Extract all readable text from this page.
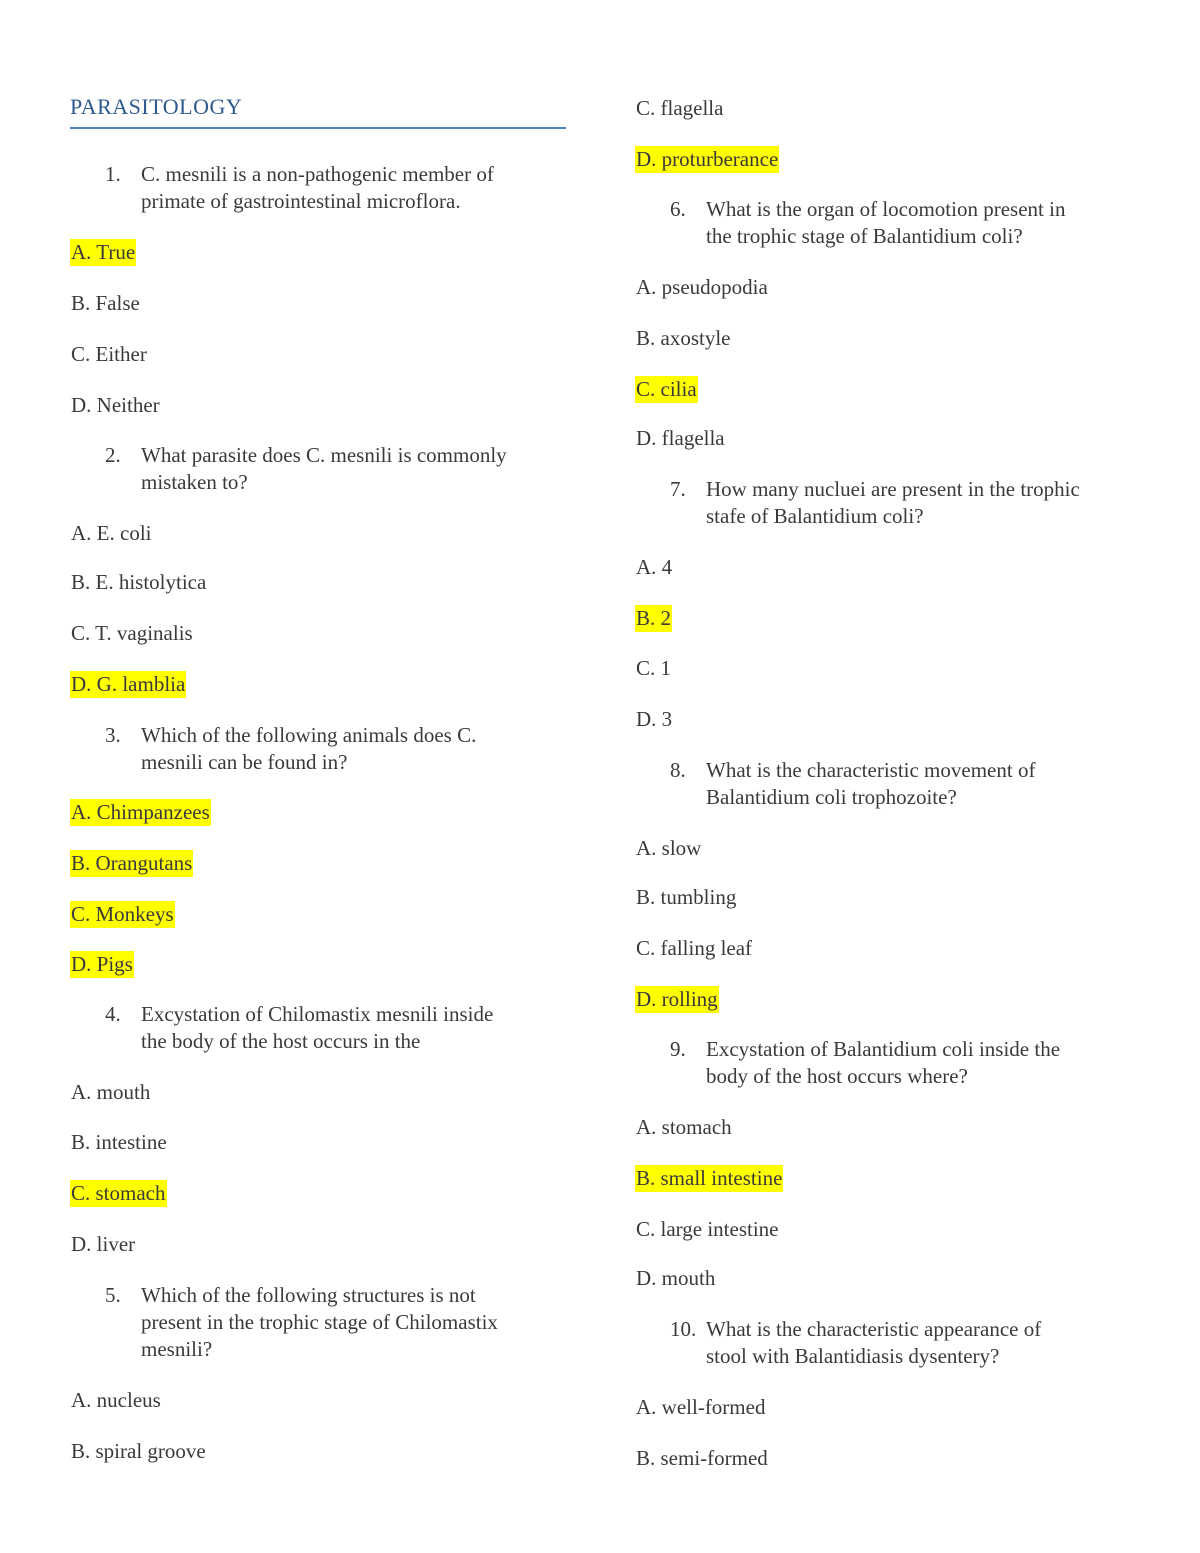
PARASITOLOGY
1. C. mesnili is a non-pathogenic member of
primate of gastrointestinal microflora.
A. True
B. False
C. Either
D. Neither
2. What parasite does C. mesnili is commonly
mistaken to?
A. E. coli
B. E. histolytica
C. T. vaginalis
D. G. lamblia
3. Which of the following animals does C.
mesnili can be found in?
A. Chimpanzees
B. Orangutans
C. Monkeys
D. Pigs
4. Excystation of Chilomastix mesnili inside
the body of the host occurs in the
A. mouth
B. intestine
C. stomach
D. liver
5. Which of the following structures is not
present in the trophic stage of Chilomastix
mesnili?
A. nucleus
B. spiral groove
C. flagella
D. proturberance
6. What is the organ of locomotion present in
the trophic stage of Balantidium coli?
A. pseudopodia
B. axostyle
C. cilia
D. flagella
7. How many nucluei are present in the trophic
stafe of Balantidium coli?
A. 4
B. 2
C. 1
D. 3
8. What is the characteristic movement of
Balantidium coli trophozoite?
A. slow
B. tumbling
C. falling leaf
D. rolling
9. Excystation of Balantidium coli inside the
body of the host occurs where?
A. stomach
B. small intestine
C. large intestine
D. mouth
10. What is the characteristic appearance of
stool with Balantidiasis dysentery?
A. well-formed
B. semi-formed
